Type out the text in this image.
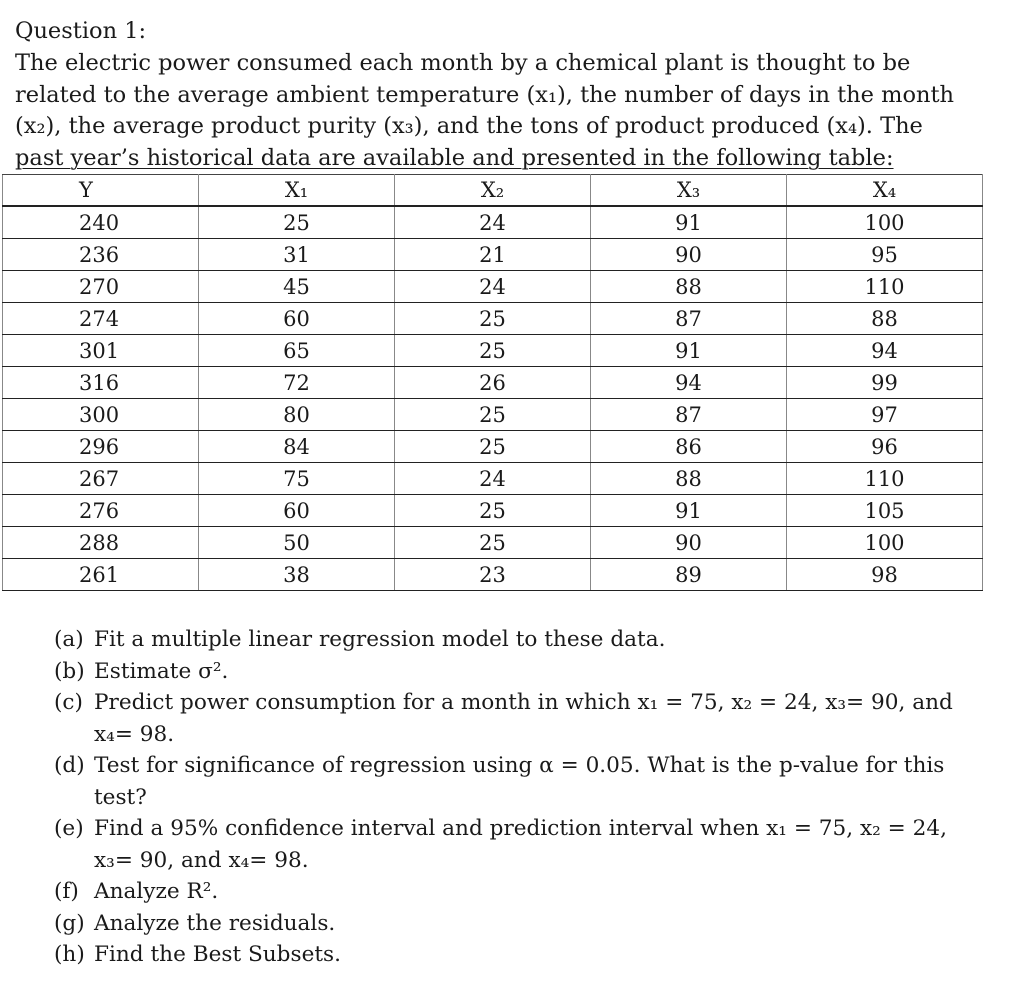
Question 1:
The electric power consumed each month by a chemical plant is thought to be
related to the average ambient temperature (x₁), the number of days in the month
(x₂), the average product purity (x₃), and the tons of product produced (x₄). The
past year’s historical data are available and presented in the following table:
Y	X₁	X₂	X₃	X₄
240	25	24	91	100
236	31	21	90	95
270	45	24	88	110
274	60	25	87	88
301	65	25	91	94
316	72	26	94	99
300	80	25	87	97
296	84	25	86	96
267	75	24	88	110
276	60	25	91	105
288	50	25	90	100
261	38	23	89	98
(a) Fit a multiple linear regression model to these data.
(b) Estimate σ².
(c) Predict power consumption for a month in which x₁ = 75, x₂ = 24, x₃= 90, and
x₄= 98.
(d) Test for significance of regression using α = 0.05. What is the p-value for this
test?
(e) Find a 95% confidence interval and prediction interval when x₁ = 75, x₂ = 24,
x₃= 90, and x₄= 98.
(f) Analyze R².
(g) Analyze the residuals.
(h) Find the Best Subsets.
